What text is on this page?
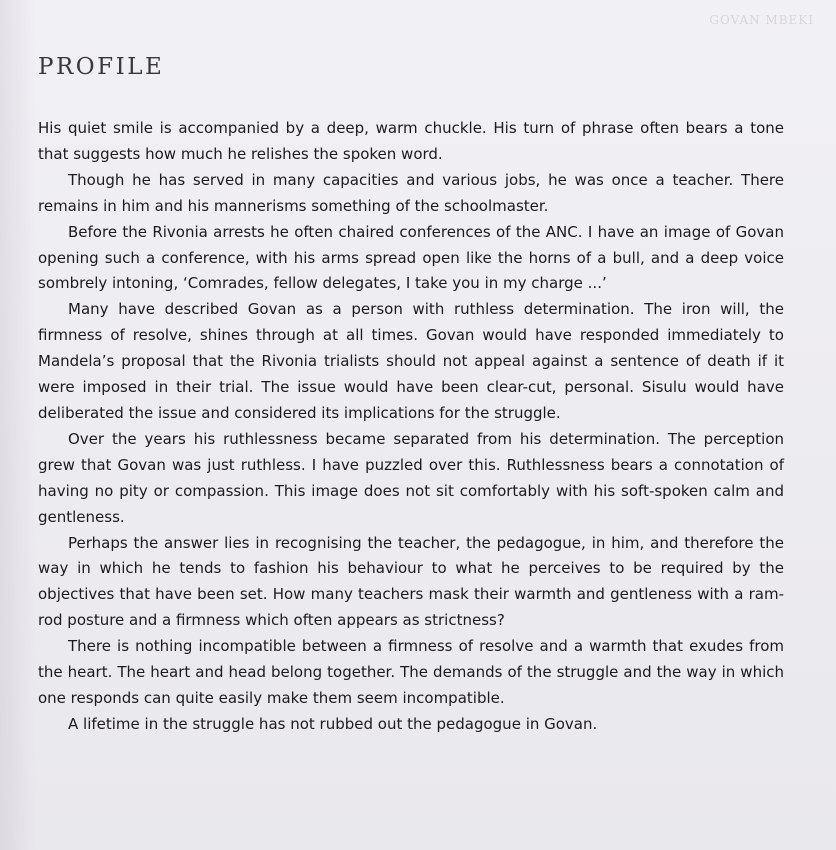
GOVAN MBEKI
PROFILE

His quiet smile is accompanied by a deep, warm chuckle. His turn of phrase often bears a tone that suggests how much he relishes the spoken word.

Though he has served in many capacities and various jobs, he was once a teacher. There remains in him and his mannerisms something of the schoolmaster.

Before the Rivonia arrests he often chaired conferences of the ANC. I have an image of Govan opening such a conference, with his arms spread open like the horns of a bull, and a deep voice sombrely intoning, ‘Comrades, fellow delegates, I take you in my charge ...’

Many have described Govan as a person with ruthless determination. The iron will, the firmness of resolve, shines through at all times. Govan would have responded immediately to Mandela’s proposal that the Rivonia trialists should not appeal against a sentence of death if it were imposed in their trial. The issue would have been clear-cut, personal. Sisulu would have deliberated the issue and considered its implications for the struggle.

Over the years his ruthlessness became separated from his determination. The perception grew that Govan was just ruthless. I have puzzled over this. Ruthlessness bears a connotation of having no pity or compassion. This image does not sit comfortably with his soft-spoken calm and gentleness.

Perhaps the answer lies in recognising the teacher, the pedagogue, in him, and therefore the way in which he tends to fashion his behaviour to what he perceives to be required by the objectives that have been set. How many teachers mask their warmth and gentleness with a ram-rod posture and a firmness which often appears as strictness?

There is nothing incompatible between a firmness of resolve and a warmth that exudes from the heart. The heart and head belong together. The demands of the struggle and the way in which one responds can quite easily make them seem incompatible.

A lifetime in the struggle has not rubbed out the pedagogue in Govan.
